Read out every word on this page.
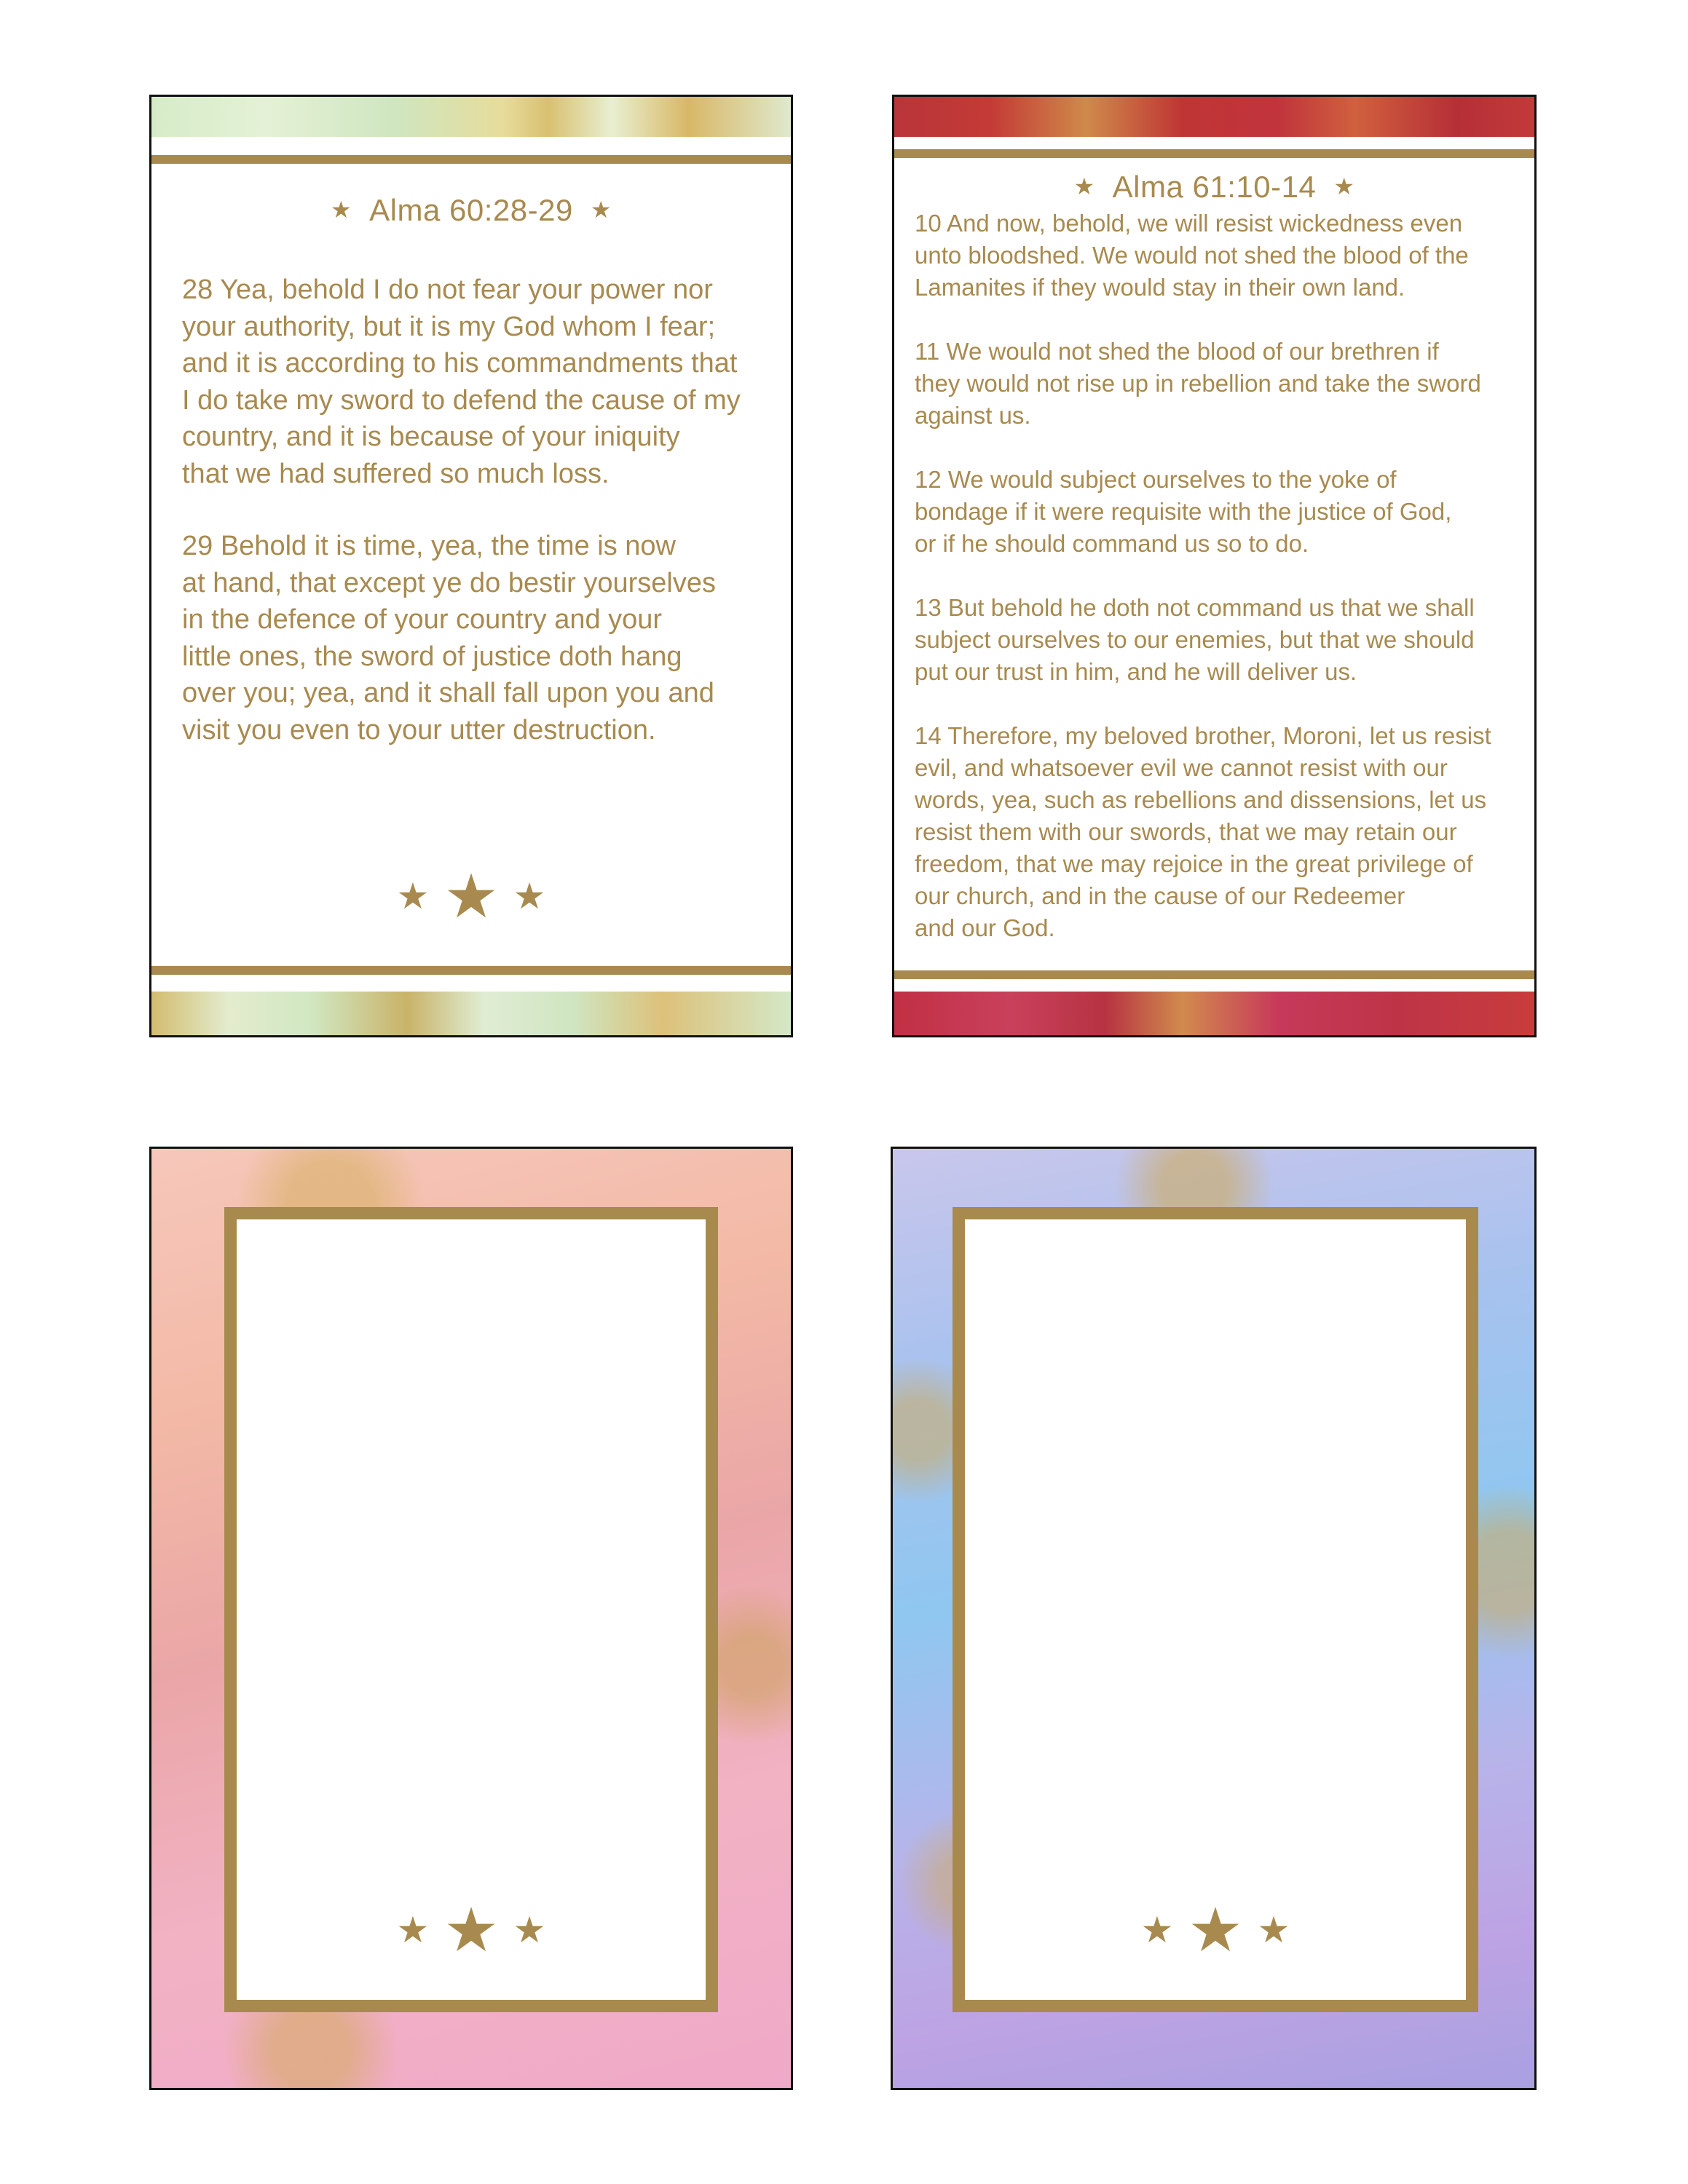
★ Alma 60:28-29 ★

28 Yea, behold I do not fear your power nor
your authority, but it is my God whom I fear;
and it is according to his commandments that
I do take my sword to defend the cause of my
country, and it is because of your iniquity
that we had suffered so much loss.

29 Behold it is time, yea, the time is now
at hand, that except ye do bestir yourselves
in the defence of your country and your
little ones, the sword of justice doth hang
over you; yea, and it shall fall upon you and
visit you even to your utter destruction.

★ ★ ★
★ Alma 61:10-14 ★

10 And now, behold, we will resist wickedness even
unto bloodshed. We would not shed the blood of the
Lamanites if they would stay in their own land.

11 We would not shed the blood of our brethren if
they would not rise up in rebellion and take the sword
against us.

12 We would subject ourselves to the yoke of
bondage if it were requisite with the justice of God,
or if he should command us so to do.

13 But behold he doth not command us that we shall
subject ourselves to our enemies, but that we should
put our trust in him, and he will deliver us.

14 Therefore, my beloved brother, Moroni, let us resist
evil, and whatsoever evil we cannot resist with our
words, yea, such as rebellions and dissensions, let us
resist them with our swords, that we may retain our
freedom, that we may rejoice in the great privilege of
our church, and in the cause of our Redeemer
and our God.

★ ★ ★	★ ★ ★
